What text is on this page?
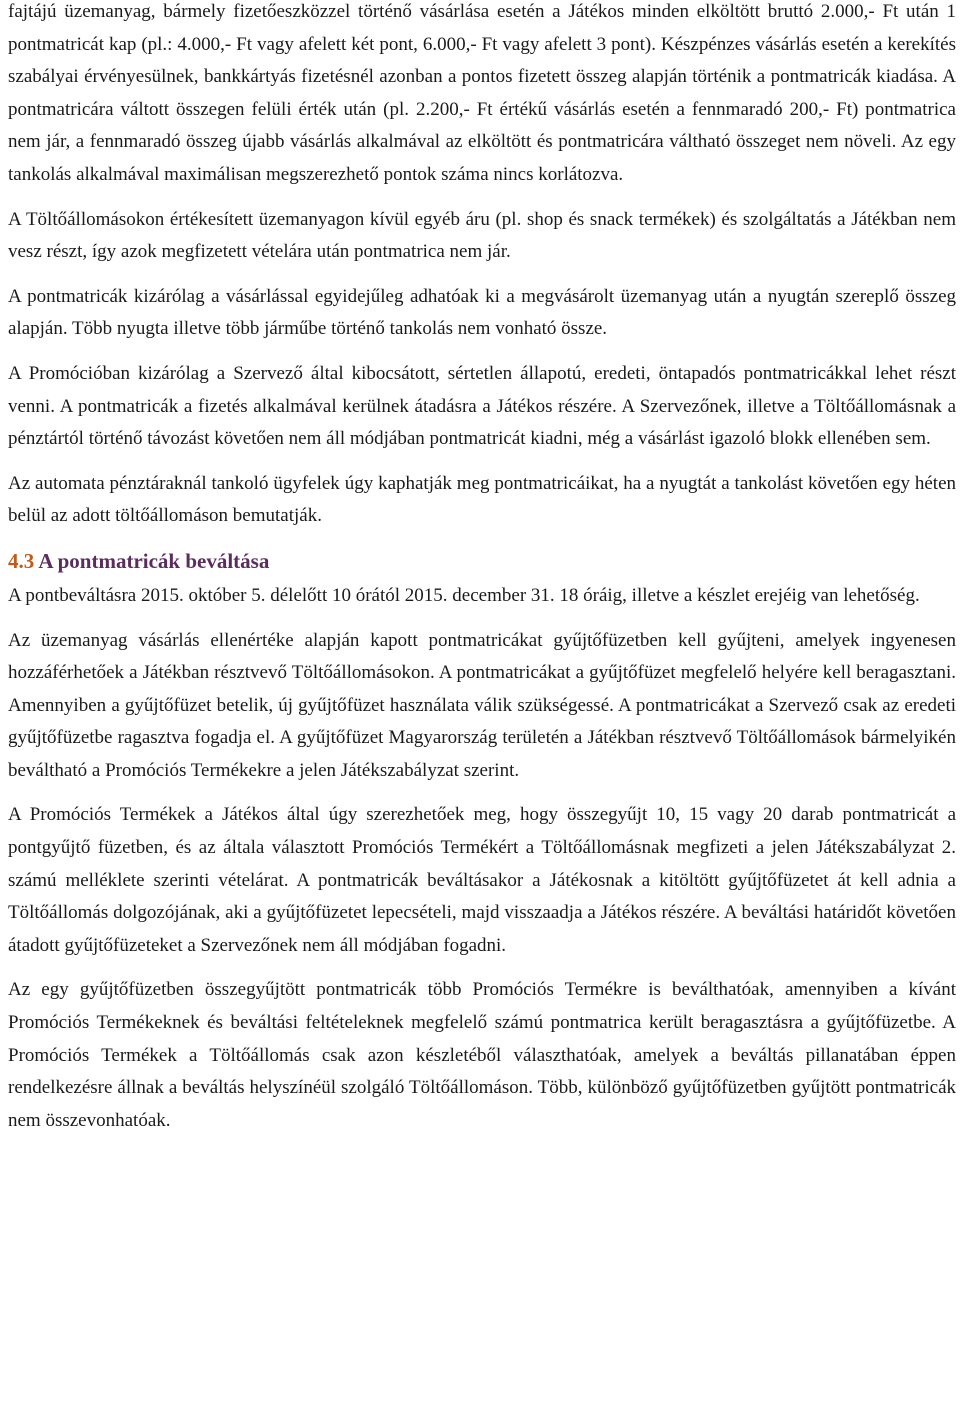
fajtájú üzemanyag, bármely fizetőeszközzel történő vásárlása esetén a Játékos minden elköltött bruttó 2.000,- Ft után 1 pontmatricát kap (pl.: 4.000,- Ft vagy afelett két pont, 6.000,- Ft vagy afelett 3 pont). Készpénzes vásárlás esetén a kerekítés szabályai érvényesülnek, bankkártyás fizetésnél azonban a pontos fizetett összeg alapján történik a pontmatricák kiadása. A pontmatricára váltott összegen felüli érték után (pl. 2.200,- Ft értékű vásárlás esetén a fennmaradó 200,- Ft) pontmatrica nem jár, a fennmaradó összeg újabb vásárlás alkalmával az elköltött és pontmatricára váltható összeget nem növeli. Az egy tankolás alkalmával maximálisan megszerezhető pontok száma nincs korlátozva.

A Töltőállomásokon értékesített üzemanyagon kívül egyéb áru (pl. shop és snack termékek) és szolgáltatás a Játékban nem vesz részt, így azok megfizetett vételára után pontmatrica nem jár.

A pontmatricák kizárólag a vásárlással egyidejűleg adhatóak ki a megvásárolt üzemanyag után a nyugtán szereplő összeg alapján. Több nyugta illetve több járműbe történő tankolás nem vonható össze.

A Promócióban kizárólag a Szervező által kibocsátott, sértetlen állapotú, eredeti, öntapadós pontmatricákkal lehet részt venni. A pontmatricák a fizetés alkalmával kerülnek átadásra a Játékos részére. A Szervezőnek, illetve a Töltőállomásnak a pénztártól történő távozást követően nem áll módjában pontmatricát kiadni, még a vásárlást igazoló blokk ellenében sem.

Az automata pénztáraknál tankoló ügyfelek úgy kaphatják meg pontmatricáikat, ha a nyugtát a tankolást követően egy héten belül az adott töltőállomáson bemutatják.

4.3 A pontmatricák beváltása

A pontbeváltásra 2015. október 5. délelőtt 10 órától 2015. december 31. 18 óráig, illetve a készlet erejéig van lehetőség.

Az üzemanyag vásárlás ellenértéke alapján kapott pontmatricákat gyűjtőfüzetben kell gyűjteni, amelyek ingyenesen hozzáférhetőek a Játékban résztvevő Töltőállomásokon. A pontmatricákat a gyűjtőfüzet megfelelő helyére kell beragasztani. Amennyiben a gyűjtőfüzet betelik, új gyűjtőfüzet használata válik szükségessé. A pontmatricákat a Szervező csak az eredeti gyűjtőfüzetbe ragasztva fogadja el. A gyűjtőfüzet Magyarország területén a Játékban résztvevő Töltőállomások bármelyikén beváltható a Promóciós Termékekre a jelen Játékszabályzat szerint.

A Promóciós Termékek a Játékos által úgy szerezhetőek meg, hogy összegyűjt 10, 15 vagy 20 darab pontmatricát a pontgyűjtő füzetben, és az általa választott Promóciós Termékért a Töltőállomásnak megfizeti a jelen Játékszabályzat 2. számú melléklete szerinti vételárat. A pontmatricák beváltásakor a Játékosnak a kitöltött gyűjtőfüzetet át kell adnia a Töltőállomás dolgozójának, aki a gyűjtőfüzetet lepecsételi, majd visszaadja a Játékos részére. A beváltási határidőt követően átadott gyűjtőfüzeteket a Szervezőnek nem áll módjában fogadni.

Az egy gyűjtőfüzetben összegyűjtött pontmatricák több Promóciós Termékre is beválthatóak, amennyiben a kívánt Promóciós Termékeknek és beváltási feltételeknek megfelelő számú pontmatrica került beragasztásra a gyűjtőfüzetbe. A Promóciós Termékek a Töltőállomás csak azon készletéből választhatóak, amelyek a beváltás pillanatában éppen rendelkezésre állnak a beváltás helyszínéül szolgáló Töltőállomáson. Több, különböző gyűjtőfüzetben gyűjtött pontmatricák nem összevonhatóak.
